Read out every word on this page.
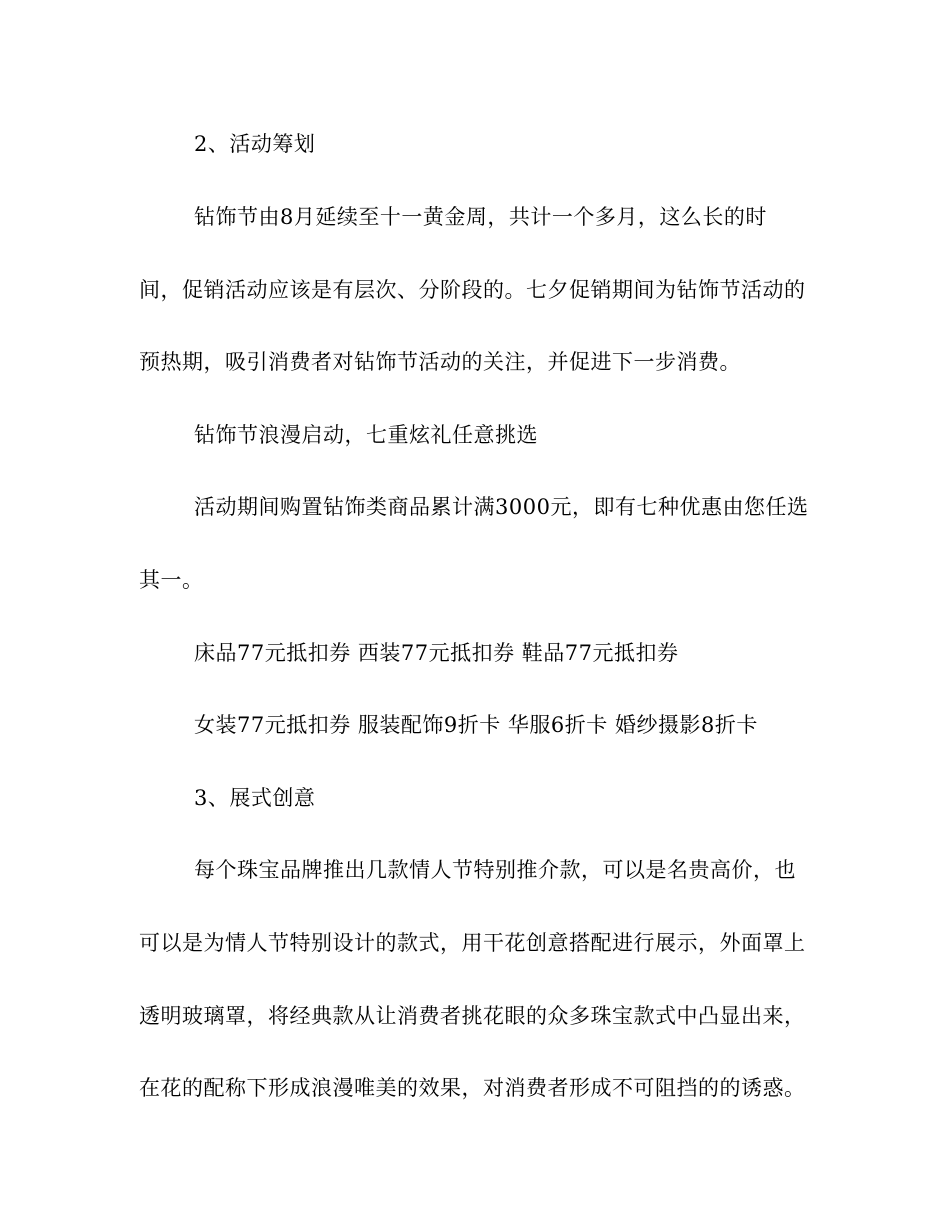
2、活动筹划
钻饰节由8月延续至十一黄金周，共计一个多月，这么长的时
间，促销活动应该是有层次、分阶段的。七夕促销期间为钻饰节活动的
预热期，吸引消费者对钻饰节活动的关注，并促进下一步消费。
钻饰节浪漫启动，七重炫礼任意挑选
活动期间购置钻饰类商品累计满3000元，即有七种优惠由您任选
其一。
床品77元抵扣券 西装77元抵扣券 鞋品77元抵扣券
女装77元抵扣券 服装配饰9折卡 华服6折卡 婚纱摄影8折卡
3、展式创意
每个珠宝品牌推出几款情人节特别推介款，可以是名贵高价，也
可以是为情人节特别设计的款式，用干花创意搭配进行展示，外面罩上
透明玻璃罩，将经典款从让消费者挑花眼的众多珠宝款式中凸显出来，
在花的配称下形成浪漫唯美的效果，对消费者形成不可阻挡的的诱惑。
